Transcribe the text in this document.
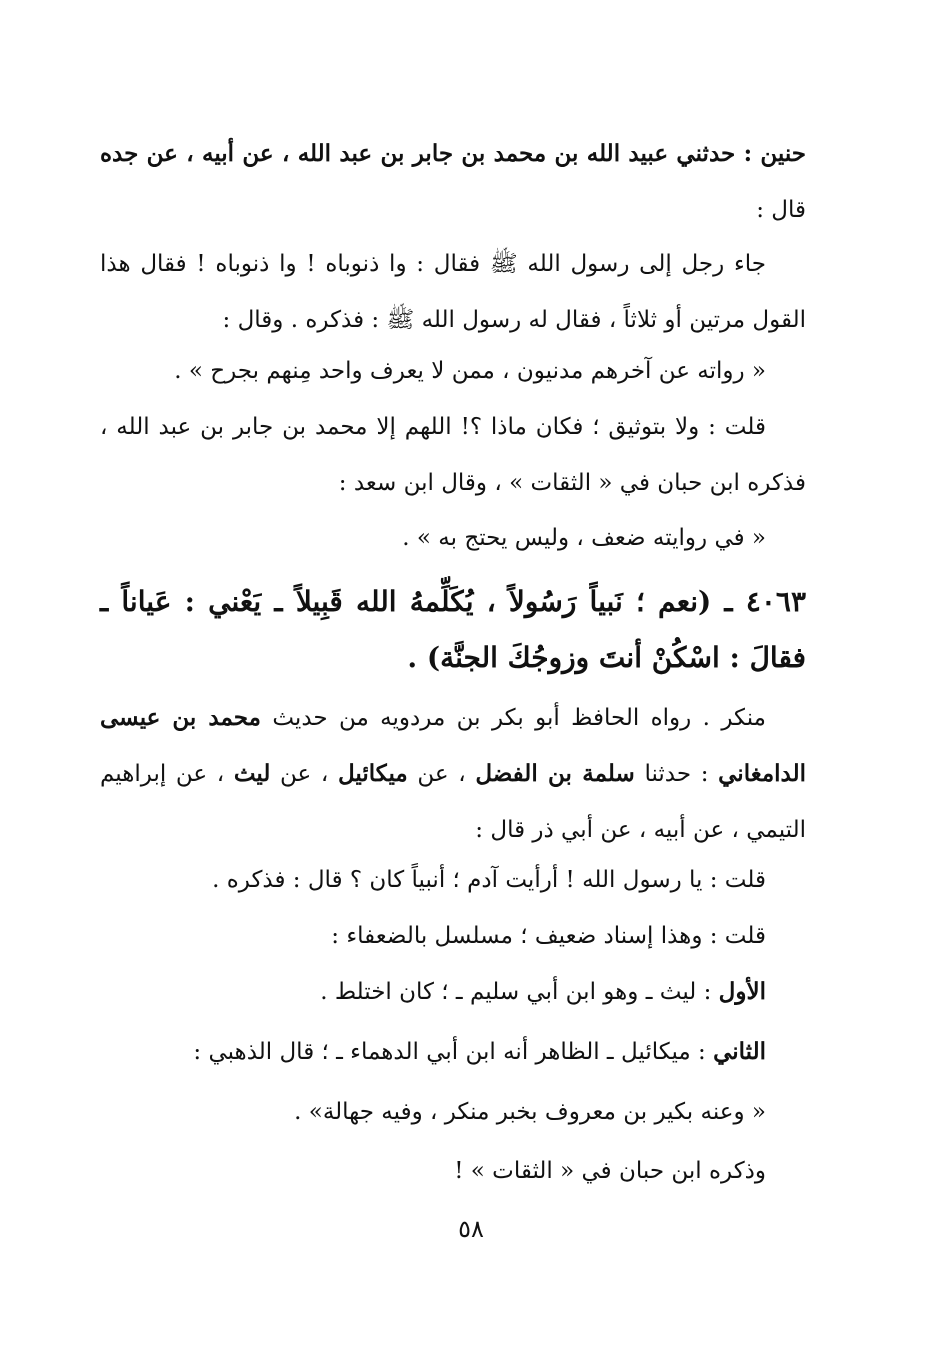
حنين : حدثني عبيد الله بن محمد بن جابر بن عبد الله ، عن أبيه ، عن جده قال :
جاء رجل إلى رسول الله ﷺ فقال : وا ذنوباه ! وا ذنوباه ! فقال هذا القول مرتين أو ثلاثاً ، فقال له رسول الله ﷺ : فذكره . وقال :
« رواته عن آخرهم مدنيون ، ممن لا يعرف واحد مِنهم بجرح » .
قلت : ولا بتوثيق ؛ فكان ماذا ؟! اللهم إلا محمد بن جابر بن عبد الله ، فذكره ابن حبان في « الثقات » ، وقال ابن سعد :
« في روايته ضعف ، وليس يحتج به » .
٤٠٦٣ ـ (نعم ؛ نَبياً رَسُولاً ، يُكَلِّمهُ الله قَبِيلاً ـ يَعْني : عَياناً ـ فقالَ : اسْكُنْ أنتَ وزوجُكَ الجنَّة) .
منكر . رواه الحافظ أبو بكر بن مردويه من حديث محمد بن عيسى الدامغاني : حدثنا سلمة بن الفضل ، عن ميكائيل ، عن ليث ، عن إبراهيم التيمي ، عن أبيه ، عن أبي ذر قال :
قلت : يا رسول الله ! أرأيت آدم ؛ أنبياً كان ؟ قال : فذكره .
قلت : وهذا إسناد ضعيف ؛ مسلسل بالضعفاء :
الأول : ليث ـ وهو ابن أبي سليم ـ ؛ كان اختلط .
الثاني : ميكائيل ـ الظاهر أنه ابن أبي الدهماء ـ ؛ قال الذهبي :
« وعنه بكير بن معروف بخبر منكر ، وفيه جهالة» .
وذكره ابن حبان في « الثقات » !
٥٨
